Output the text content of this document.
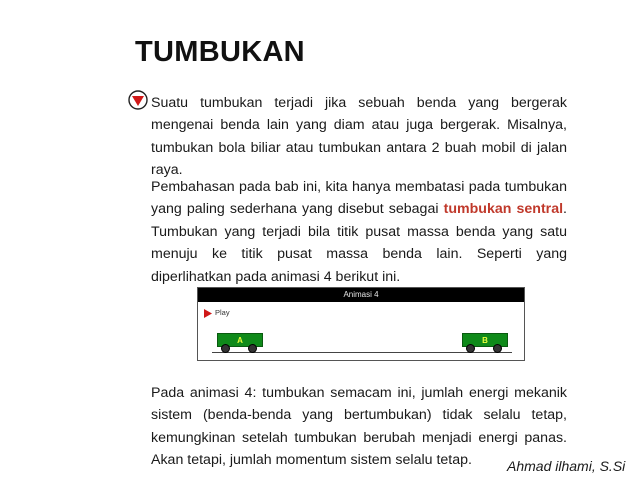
TUMBUKAN

Suatu tumbukan terjadi jika sebuah benda yang bergerak mengenai benda lain yang diam atau juga bergerak. Misalnya, tumbukan bola biliar atau tumbukan antara 2 buah mobil di jalan raya.

Pembahasan pada bab ini, kita hanya membatasi pada tumbukan yang paling sederhana yang disebut sebagai tumbukan sentral. Tumbukan yang terjadi bila titik pusat massa benda yang satu menuju ke titik pusat massa benda lain. Seperti yang diperlihatkan pada animasi 4 berikut ini.

Animasi 4
Play
A	B

Pada animasi 4: tumbukan semacam ini, jumlah energi mekanik sistem (benda-benda yang bertumbukan) tidak selalu tetap, kemungkinan setelah tumbukan berubah menjadi energi panas. Akan tetapi, jumlah momentum sistem selalu tetap.	Ahmad ilhami, S.Si
